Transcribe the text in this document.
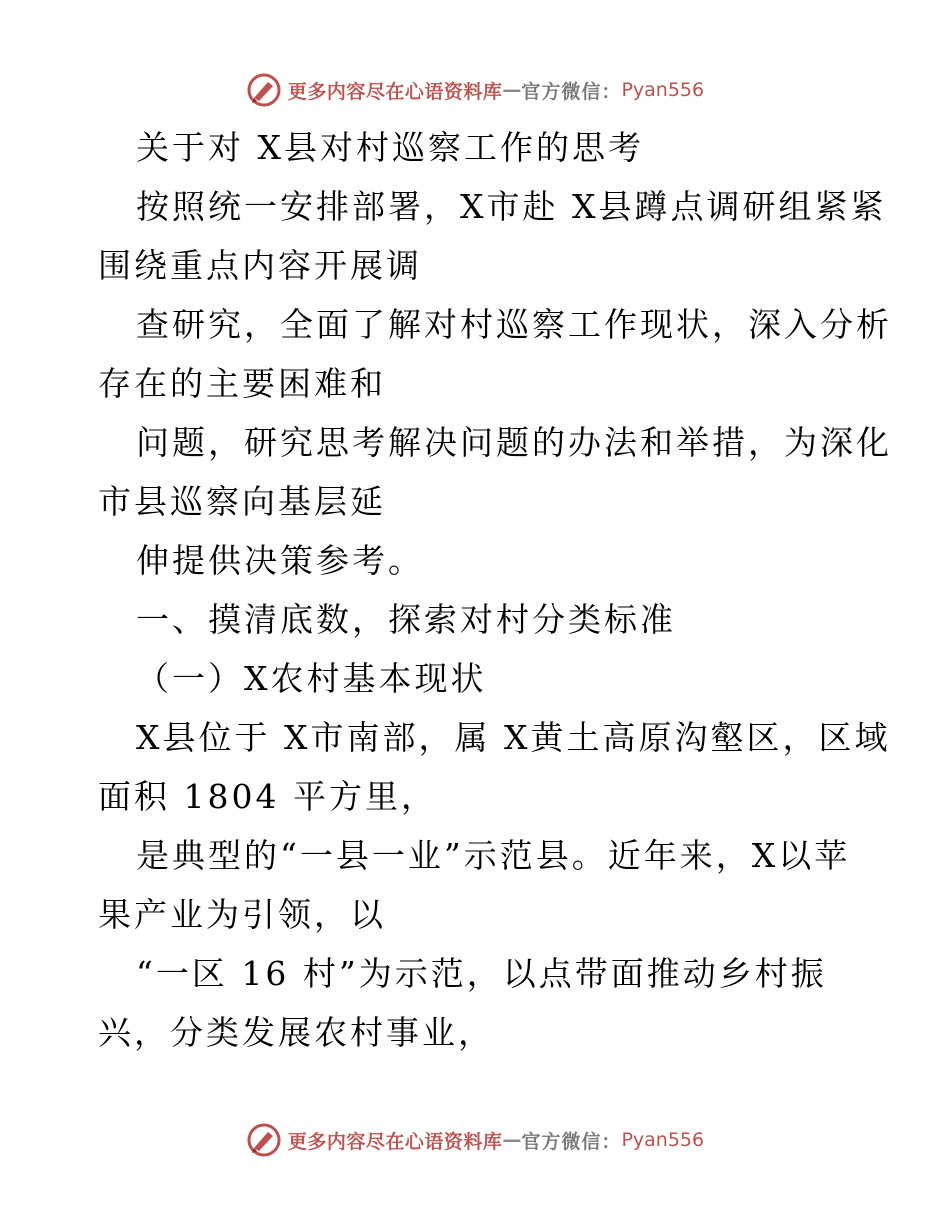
更多内容尽在心语资料库 — 官方微信： Pyan556

关于对 X县对村巡察工作的思考

按照统一安排部署，X市赴 X县蹲点调研组紧紧

围绕重点内容开展调

查研究，全面了解对村巡察工作现状，深入分析

存在的主要困难和

问题，研究思考解决问题的办法和举措，为深化

市县巡察向基层延

伸提供决策参考。

一、摸清底数，探索对村分类标准

（一）X农村基本现状

X县位于 X市南部，属 X黄土高原沟壑区，区域

面积 1804 平方里，

是典型的“一县一业”示范县。近年来，X以苹

果产业为引领，以

“一区 16 村”为示范，以点带面推动乡村振

兴，分类发展农村事业，

更多内容尽在心语资料库 — 官方微信： Pyan556
